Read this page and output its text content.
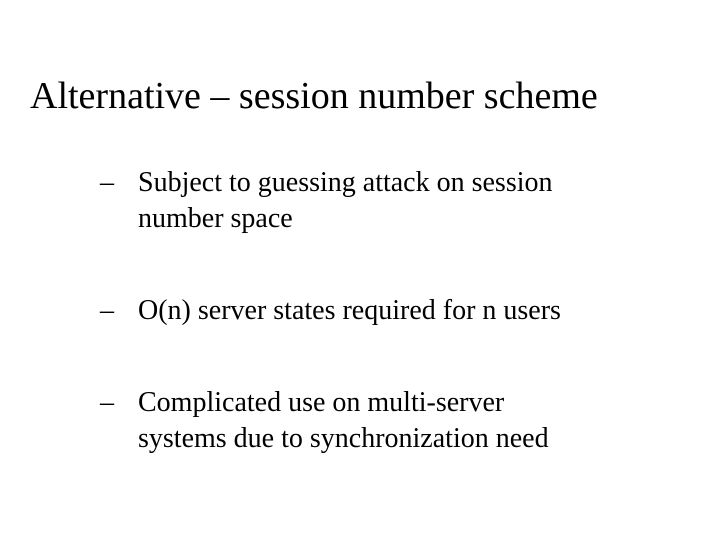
Alternative – session number scheme
– Subject to guessing attack on session
number space
– O(n) server states required for n users
– Complicated use on multi-server
systems due to synchronization need
